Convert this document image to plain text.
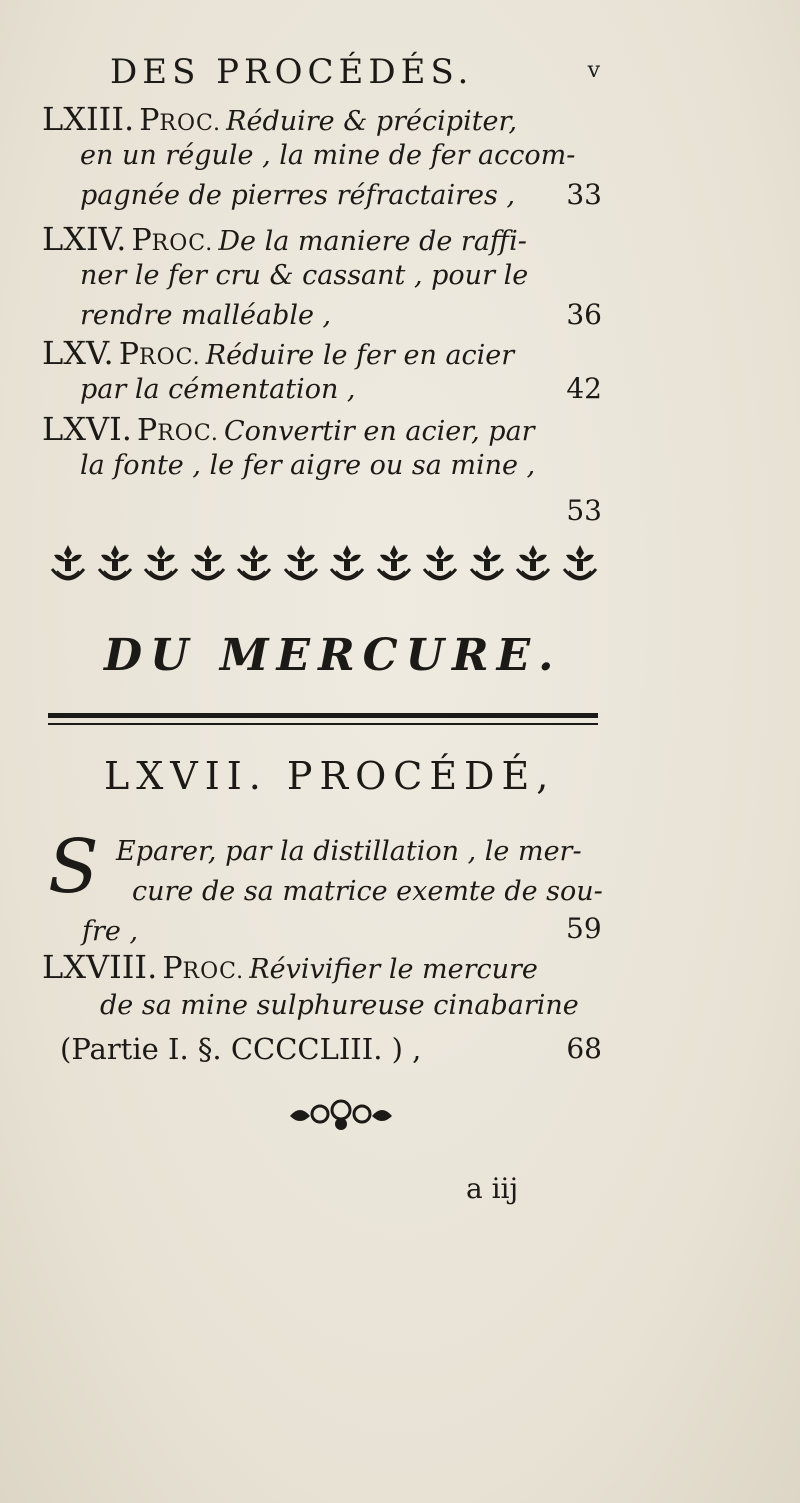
DES PROCÉDÉS.	v
LXIII. PROC. Réduire & précipiter,
en un régule , la mine de fer accom-
pagnée de pierres réfractaires , 33
LXIV. PROC. De la maniere de raffi-
ner le fer cru & cassant , pour le
rendre malléable ,	36
LXV. PROC. Réduire le fer en acier
par la cémentation ,	42
LXVI. PROC. Convertir en acier, par
la fonte , le fer aigre ou sa mine ,
53
DU MERCURE.
LXVII. PROCÉDÉ,
S Eparer, par la distillation , le mer-
cure de sa matrice exemte de sou-
fre ,	59
LXVIII. PROC. Révivifier le mercure
de sa mine sulphureuse cinabarine
(Partie I. §. CCCCLIII. ) ,	68
a iij
